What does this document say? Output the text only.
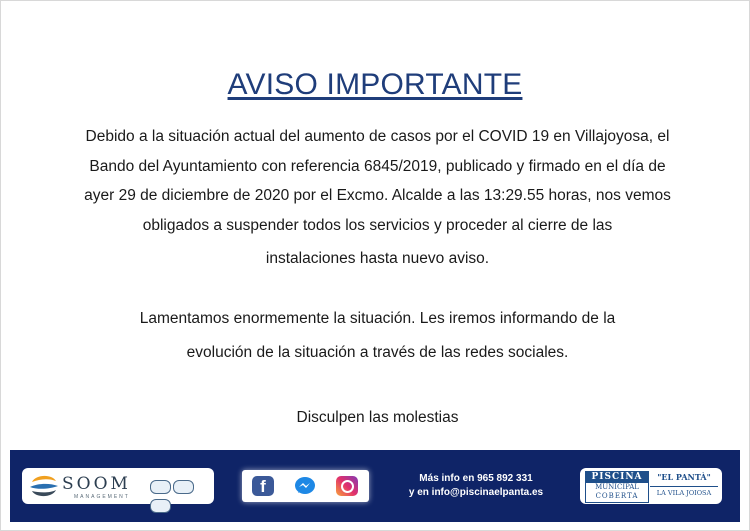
AVISO IMPORTANTE
Debido a la situación actual del aumento de casos por el COVID 19 en Villajoyosa, el
Bando del Ayuntamiento con referencia 6845/2019, publicado y firmado en el día de
ayer 29 de diciembre de 2020 por el Excmo. Alcalde a las 13:29.55 horas, nos vemos
obligados a suspender todos los servicios y proceder al cierre de las
instalaciones hasta nuevo aviso.
Lamentamos enormemente la situación. Les iremos informando de la
evolución de la situación a través de las redes sociales.
Disculpen las molestias
SOOM
MANAGEMENT
f	Más info en 965 892 331
y en info@piscinaelpanta.es
PISCINA
MUNICIPAL
COBERTA
"EL PANTÀ"
LA VILA JOIOSA
